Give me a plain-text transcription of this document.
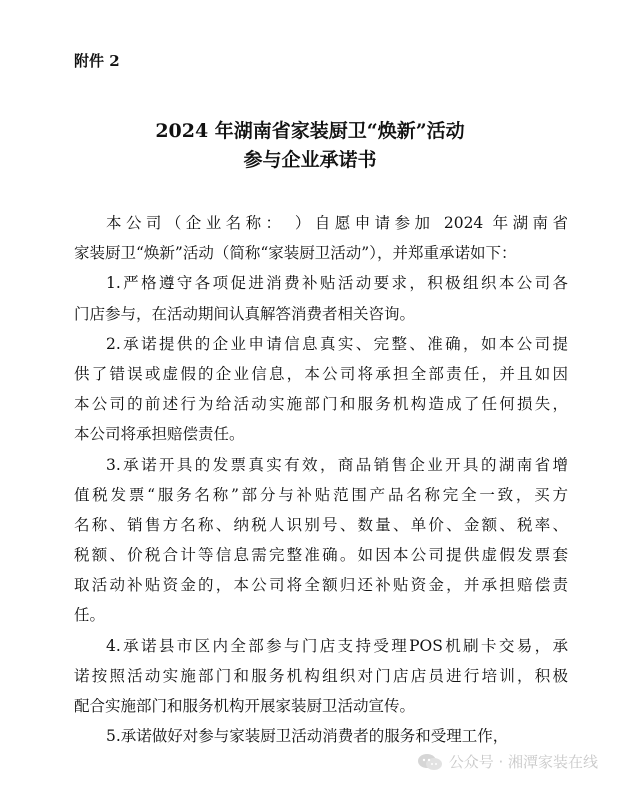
附件 2
2024 年湖南省家装厨卫“焕新”活动
参与企业承诺书
本公司（企业名称： ）自愿申请参加 2024 年湖南省
家装厨卫“焕新”活动（简称“家装厨卫活动”），并郑重承诺如下：
1.严格遵守各项促进消费补贴活动要求，积极组织本公司各
门店参与，在活动期间认真解答消费者相关咨询。
2.承诺提供的企业申请信息真实、完整、准确，如本公司提
供了错误或虚假的企业信息，本公司将承担全部责任，并且如因
本公司的前述行为给活动实施部门和服务机构造成了任何损失，
本公司将承担赔偿责任。
3.承诺开具的发票真实有效，商品销售企业开具的湖南省增
值税发票“服务名称”部分与补贴范围产品名称完全一致，买方
名称、销售方名称、纳税人识别号、数量、单价、金额、税率、
税额、价税合计等信息需完整准确。如因本公司提供虚假发票套
取活动补贴资金的，本公司将全额归还补贴资金，并承担赔偿责
任。
4.承诺县市区内全部参与门店支持受理POS机刷卡交易，承
诺按照活动实施部门和服务机构组织对门店店员进行培训，积极
配合实施部门和服务机构开展家装厨卫活动宣传。
5.承诺做好对参与家装厨卫活动消费者的服务和受理工作，
公众号 · 湘潭家装在线
